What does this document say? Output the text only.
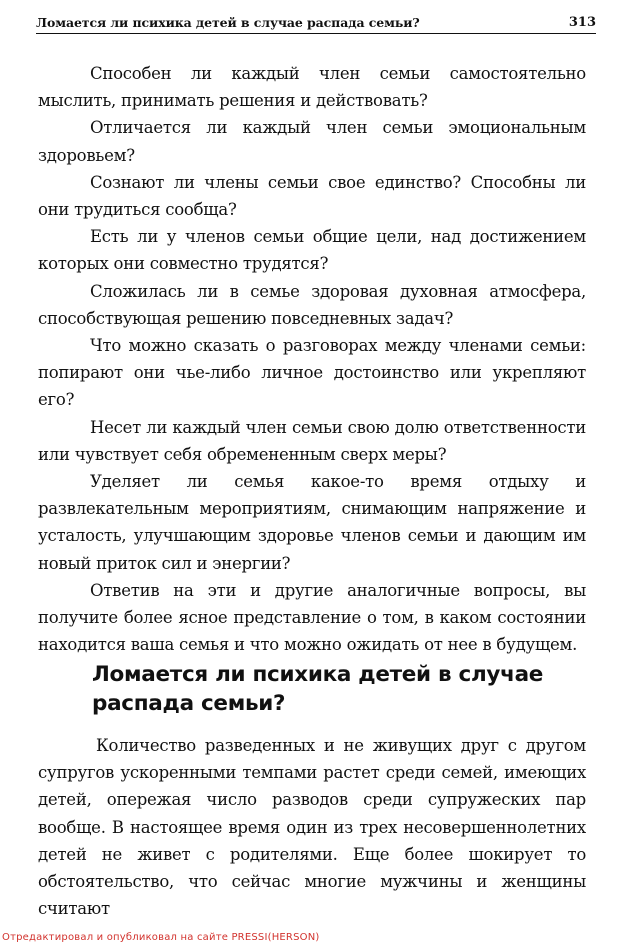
Ломается ли психика детей в случае распада семьи?	313

Способен ли каждый член семьи самостоятельно мыслить, принимать решения и действовать?

Отличается ли каждый член семьи эмоциональным здоровьем?

Сознают ли члены семьи свое единство? Способны ли они трудиться сообща?

Есть ли у членов семьи общие цели, над достижением которых они совместно трудятся?

Сложилась ли в семье здоровая духовная атмосфера, способствующая решению повседневных задач?

Что можно сказать о разговорах между членами семьи: попирают они чье-либо личное достоинство или укрепляют его?

Несет ли каждый член семьи свою долю ответственности или чувствует себя обремененным сверх меры?

Уделяет ли семья какое-то время отдыху и развлекательным мероприятиям, снимающим напряжение и усталость, улучшающим здоровье членов семьи и дающим им новый приток сил и энергии?

Ответив на эти и другие аналогичные вопросы, вы получите более ясное представление о том, в каком состоянии находится ваша семья и что можно ожидать от нее в будущем.

Ломается ли психика детей в случае распада семьи?

Количество разведенных и не живущих друг с другом супругов ускоренными темпами растет среди семей, имеющих детей, опережая число разводов среди супружеских пар вообще. В настоящее время один из трех несовершеннолетних детей не живет с родителями. Еще более шокирует то обстоятельство, что сейчас многие мужчины и женщины считают

Отредактировал и опубликовал на сайте PRESSI(HERSON)
